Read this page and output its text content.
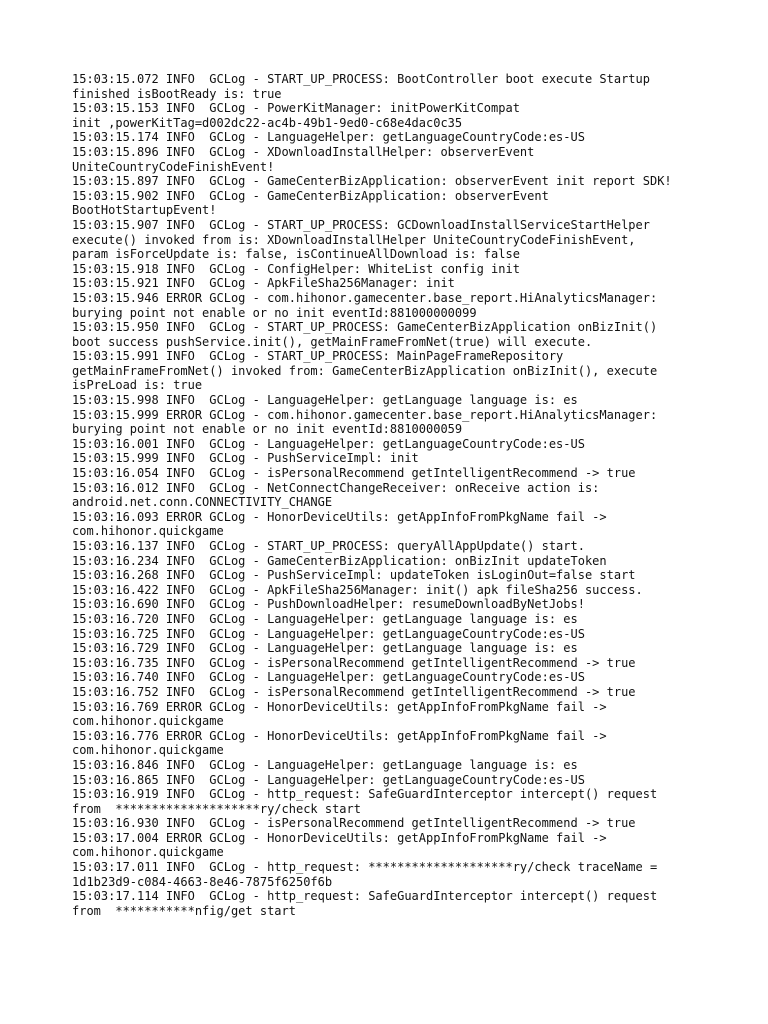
15:03:15.072 INFO  GCLog - START_UP_PROCESS: BootController boot execute Startup
finished isBootReady is: true
15:03:15.153 INFO  GCLog - PowerKitManager: initPowerKitCompat
init ,powerKitTag=d002dc22-ac4b-49b1-9ed0-c68e4dac0c35
15:03:15.174 INFO  GCLog - LanguageHelper: getLanguageCountryCode:es-US
15:03:15.896 INFO  GCLog - XDownloadInstallHelper: observerEvent
UniteCountryCodeFinishEvent!
15:03:15.897 INFO  GCLog - GameCenterBizApplication: observerEvent init report SDK!
15:03:15.902 INFO  GCLog - GameCenterBizApplication: observerEvent
BootHotStartupEvent!
15:03:15.907 INFO  GCLog - START_UP_PROCESS: GCDownloadInstallServiceStartHelper
execute() invoked from is: XDownloadInstallHelper UniteCountryCodeFinishEvent,
param isForceUpdate is: false, isContinueAllDownload is: false
15:03:15.918 INFO  GCLog - ConfigHelper: WhiteList config init
15:03:15.921 INFO  GCLog - ApkFileSha256Manager: init
15:03:15.946 ERROR GCLog - com.hihonor.gamecenter.base_report.HiAnalyticsManager:
burying point not enable or no init eventId:881000000099
15:03:15.950 INFO  GCLog - START_UP_PROCESS: GameCenterBizApplication onBizInit()
boot success pushService.init(), getMainFrameFromNet(true) will execute.
15:03:15.991 INFO  GCLog - START_UP_PROCESS: MainPageFrameRepository
getMainFrameFromNet() invoked from: GameCenterBizApplication onBizInit(), execute
isPreLoad is: true
15:03:15.998 INFO  GCLog - LanguageHelper: getLanguage language is: es
15:03:15.999 ERROR GCLog - com.hihonor.gamecenter.base_report.HiAnalyticsManager:
burying point not enable or no init eventId:8810000059
15:03:16.001 INFO  GCLog - LanguageHelper: getLanguageCountryCode:es-US
15:03:15.999 INFO  GCLog - PushServiceImpl: init
15:03:16.054 INFO  GCLog - isPersonalRecommend getIntelligentRecommend -> true
15:03:16.012 INFO  GCLog - NetConnectChangeReceiver: onReceive action is:
android.net.conn.CONNECTIVITY_CHANGE
15:03:16.093 ERROR GCLog - HonorDeviceUtils: getAppInfoFromPkgName fail ->
com.hihonor.quickgame
15:03:16.137 INFO  GCLog - START_UP_PROCESS: queryAllAppUpdate() start.
15:03:16.234 INFO  GCLog - GameCenterBizApplication: onBizInit updateToken
15:03:16.268 INFO  GCLog - PushServiceImpl: updateToken isLoginOut=false start
15:03:16.422 INFO  GCLog - ApkFileSha256Manager: init() apk fileSha256 success.
15:03:16.690 INFO  GCLog - PushDownloadHelper: resumeDownloadByNetJobs!
15:03:16.720 INFO  GCLog - LanguageHelper: getLanguage language is: es
15:03:16.725 INFO  GCLog - LanguageHelper: getLanguageCountryCode:es-US
15:03:16.729 INFO  GCLog - LanguageHelper: getLanguage language is: es
15:03:16.735 INFO  GCLog - isPersonalRecommend getIntelligentRecommend -> true
15:03:16.740 INFO  GCLog - LanguageHelper: getLanguageCountryCode:es-US
15:03:16.752 INFO  GCLog - isPersonalRecommend getIntelligentRecommend -> true
15:03:16.769 ERROR GCLog - HonorDeviceUtils: getAppInfoFromPkgName fail ->
com.hihonor.quickgame
15:03:16.776 ERROR GCLog - HonorDeviceUtils: getAppInfoFromPkgName fail ->
com.hihonor.quickgame
15:03:16.846 INFO  GCLog - LanguageHelper: getLanguage language is: es
15:03:16.865 INFO  GCLog - LanguageHelper: getLanguageCountryCode:es-US
15:03:16.919 INFO  GCLog - http_request: SafeGuardInterceptor intercept() request
from  ********************ry/check start
15:03:16.930 INFO  GCLog - isPersonalRecommend getIntelligentRecommend -> true
15:03:17.004 ERROR GCLog - HonorDeviceUtils: getAppInfoFromPkgName fail ->
com.hihonor.quickgame
15:03:17.011 INFO  GCLog - http_request: ********************ry/check traceName =
1d1b23d9-c084-4663-8e46-7875f6250f6b
15:03:17.114 INFO  GCLog - http_request: SafeGuardInterceptor intercept() request
from  ***********nfig/get start
